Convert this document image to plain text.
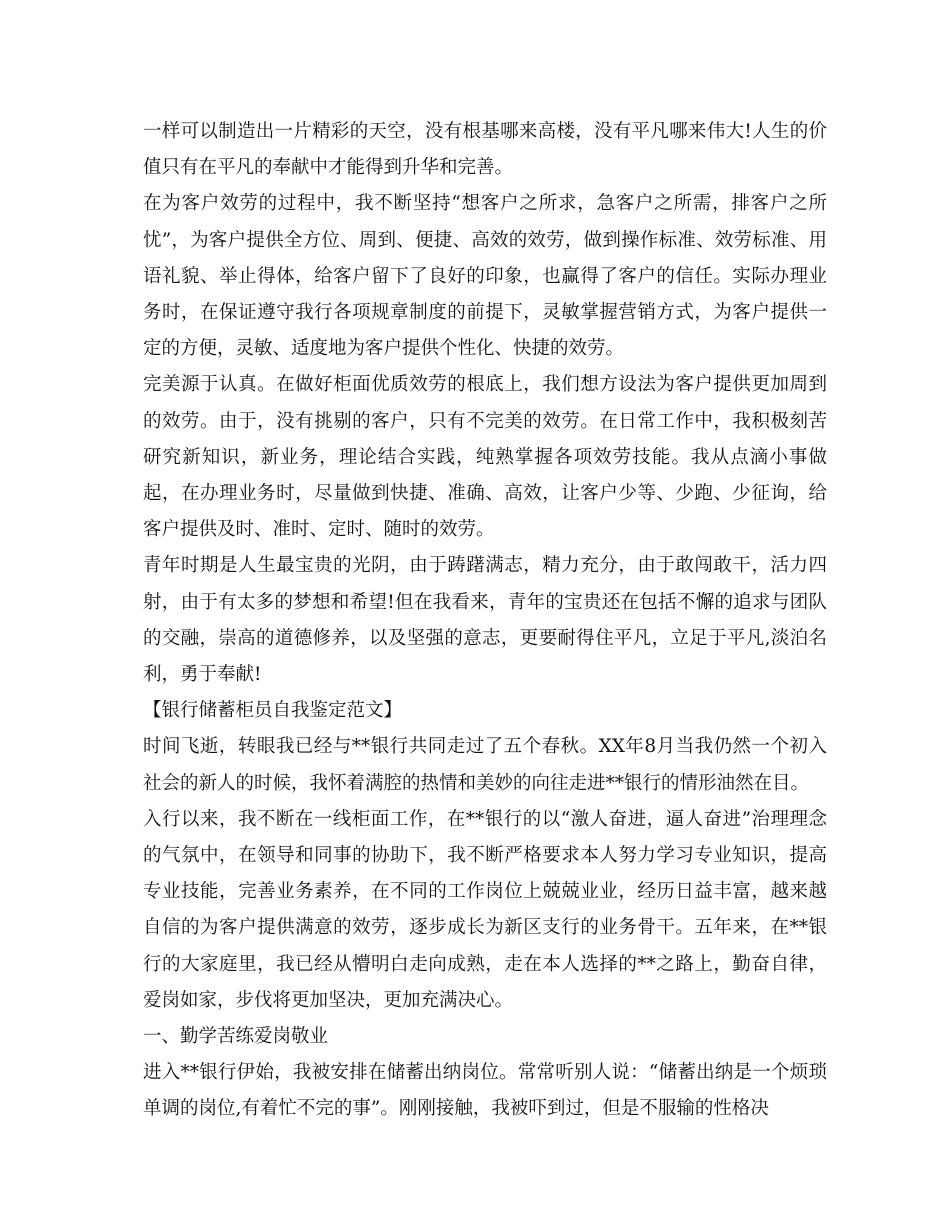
一样可以制造出一片精彩的天空，没有根基哪来高楼，没有平凡哪来伟大!人生的价值只有在平凡的奉献中才能得到升华和完善。

在为客户效劳的过程中，我不断坚持“想客户之所求，急客户之所需，排客户之所忧”，为客户提供全方位、周到、便捷、高效的效劳，做到操作标准、效劳标准、用语礼貌、举止得体，给客户留下了良好的印象，也赢得了客户的信任。实际办理业务时，在保证遵守我行各项规章制度的前提下，灵敏掌握营销方式，为客户提供一定的方便，灵敏、适度地为客户提供个性化、快捷的效劳。

完美源于认真。在做好柜面优质效劳的根底上，我们想方设法为客户提供更加周到的效劳。由于，没有挑剔的客户，只有不完美的效劳。在日常工作中，我积极刻苦研究新知识，新业务，理论结合实践，纯熟掌握各项效劳技能。我从点滴小事做起，在办理业务时，尽量做到快捷、准确、高效，让客户少等、少跑、少征询，给客户提供及时、准时、定时、随时的效劳。

青年时期是人生最宝贵的光阴，由于踌躇满志，精力充分，由于敢闯敢干，活力四射，由于有太多的梦想和希望!但在我看来，青年的宝贵还在包括不懈的追求与团队的交融，崇高的道德修养，以及坚强的意志，更要耐得住平凡，立足于平凡,淡泊名利，勇于奉献!

【银行储蓄柜员自我鉴定范文】

时间飞逝，转眼我已经与**银行共同走过了五个春秋。XX年8月当我仍然一个初入社会的新人的时候，我怀着满腔的热情和美妙的向往走进**银行的情形油然在目。

入行以来，我不断在一线柜面工作，在**银行的以“激人奋进，逼人奋进”治理理念的气氛中，在领导和同事的协助下，我不断严格要求本人努力学习专业知识，提高专业技能，完善业务素养，在不同的工作岗位上兢兢业业，经历日益丰富，越来越自信的为客户提供满意的效劳，逐步成长为新区支行的业务骨干。五年来，在**银行的大家庭里，我已经从懵明白走向成熟，走在本人选择的**之路上，勤奋自律，爱岗如家，步伐将更加坚决，更加充满决心。

一、勤学苦练爱岗敬业

进入**银行伊始，我被安排在储蓄出纳岗位。常常听别人说：“储蓄出纳是一个烦琐单调的岗位,有着忙不完的事”。刚刚接触，我被吓到过，但是不服输的性格决
